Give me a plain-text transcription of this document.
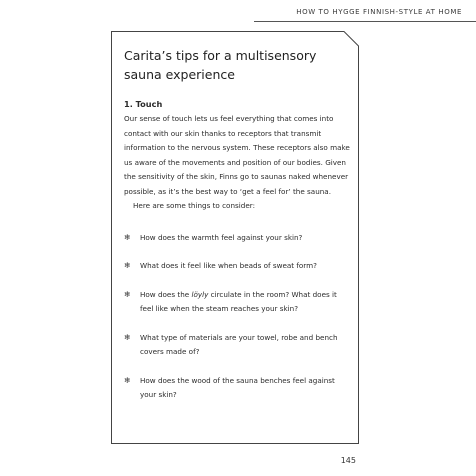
HOW TO HYGGE FINNISH-STYLE AT HOME
Carita’s tips for a multisensory sauna experience
1. Touch

Our sense of touch lets us feel everything that comes into contact with our skin thanks to receptors that transmit information to the nervous system. These receptors also make us aware of the movements and position of our bodies. Given the sensitivity of the skin, Finns go to saunas naked whenever possible, as it’s the best way to ‘get a feel for’ the sauna.

Here are some things to consider:

❄ How does the warmth feel against your skin?
❄ What does it feel like when beads of sweat form?
❄ How does the löyly circulate in the room? What does it feel like when the steam reaches your skin?
❄ What type of materials are your towel, robe and bench covers made of?
❄ How does the wood of the sauna benches feel against your skin?
145
